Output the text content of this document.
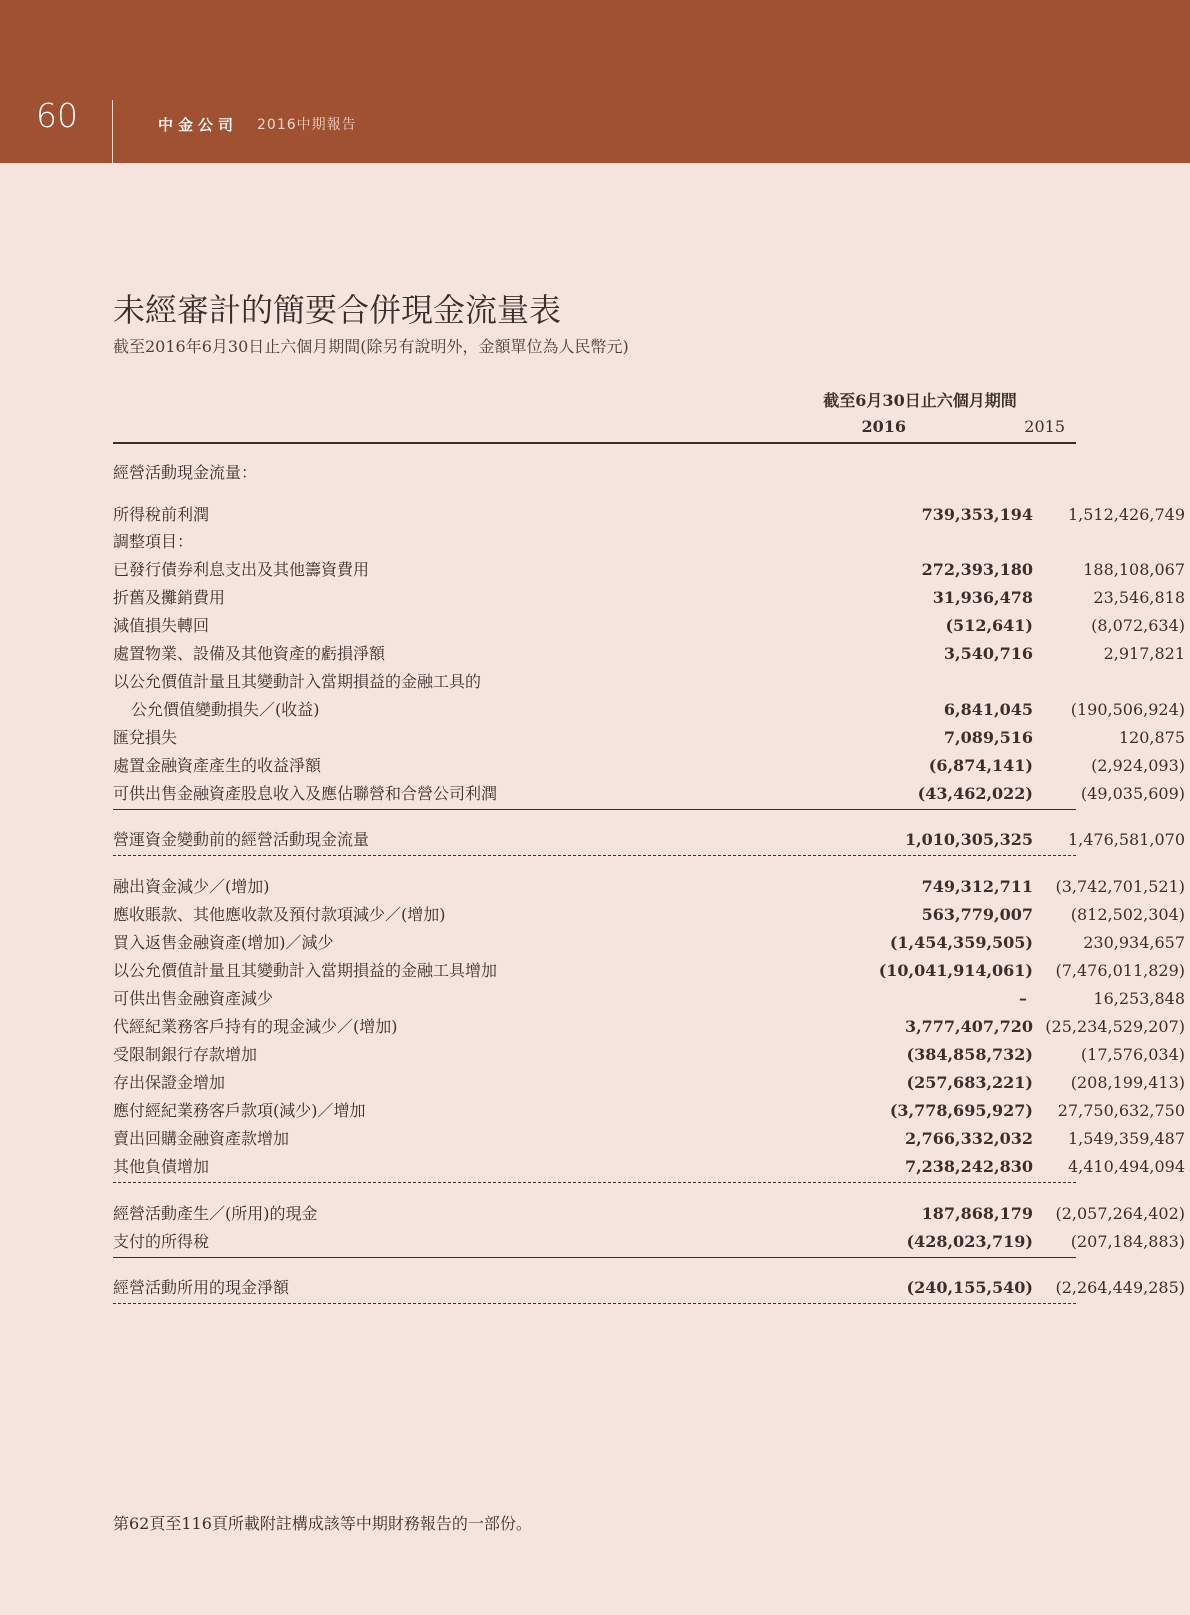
60	中金公司 2016中期報告
未經審計的簡要合併現金流量表
截至2016年6月30日止六個月期間(除另有說明外，金額單位為人民幣元)
截至6月30日止六個月期間
2016	2015
經營活動現金流量：
所得稅前利潤	739,353,194	1,512,426,749
調整項目：
已發行債券利息支出及其他籌資費用	272,393,180	188,108,067
折舊及攤銷費用	31,936,478	23,546,818
減值損失轉回	(512,641)	(8,072,634)
處置物業、設備及其他資產的虧損淨額	3,540,716	2,917,821
以公允價值計量且其變動計入當期損益的金融工具的
公允價值變動損失／(收益)	6,841,045	(190,506,924)
匯兌損失	7,089,516	120,875
處置金融資產產生的收益淨額	(6,874,141)	(2,924,093)
可供出售金融資產股息收入及應佔聯營和合營公司利潤	(43,462,022)	(49,035,609)
營運資金變動前的經營活動現金流量	1,010,305,325	1,476,581,070
融出資金減少／(增加)	749,312,711	(3,742,701,521)
應收賬款、其他應收款及預付款項減少／(增加)	563,779,007	(812,502,304)
買入返售金融資產(增加)／減少	(1,454,359,505)	230,934,657
以公允價值計量且其變動計入當期損益的金融工具增加	(10,041,914,061)	(7,476,011,829)
可供出售金融資產減少	–	16,253,848
代經紀業務客戶持有的現金減少／(增加)	3,777,407,720 (25,234,529,207)
受限制銀行存款增加	(384,858,732)	(17,576,034)
存出保證金增加	(257,683,221)	(208,199,413)
應付經紀業務客戶款項(減少)／增加	(3,778,695,927)	27,750,632,750
賣出回購金融資產款增加	2,766,332,032	1,549,359,487
其他負債增加	7,238,242,830	4,410,494,094
經營活動產生／(所用)的現金	187,868,179	(2,057,264,402)
支付的所得稅	(428,023,719)	(207,184,883)
經營活動所用的現金淨額	(240,155,540)	(2,264,449,285)
第62頁至116頁所載附註構成該等中期財務報告的一部份。
